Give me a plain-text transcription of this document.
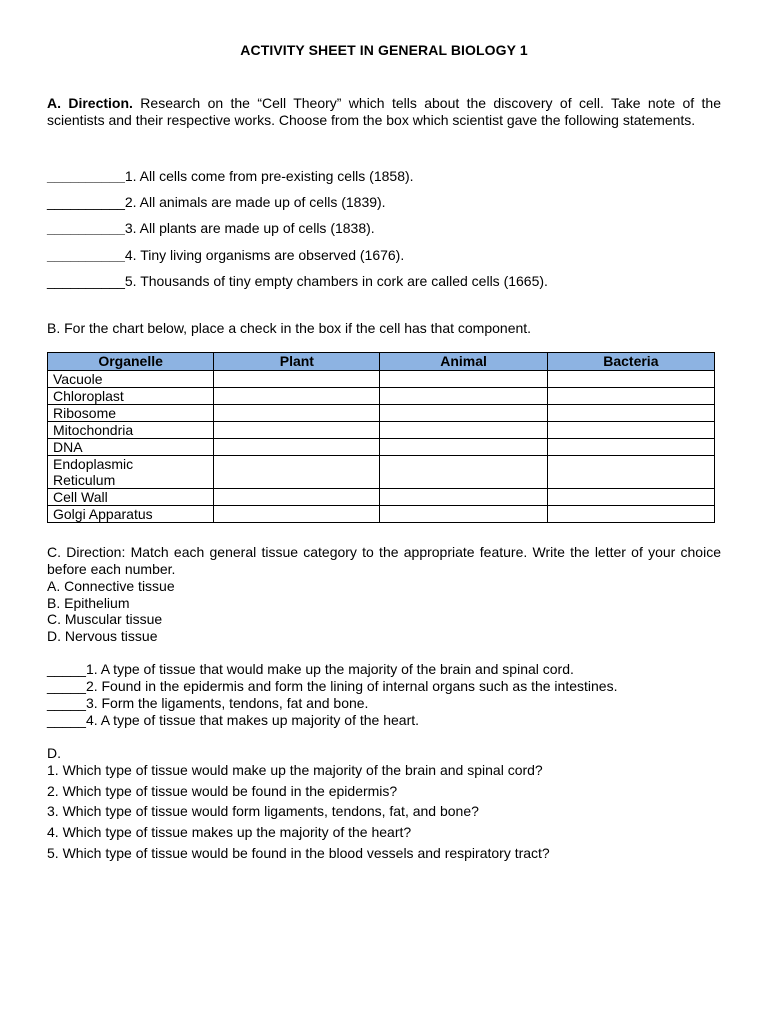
ACTIVITY SHEET IN GENERAL BIOLOGY 1
A. Direction. Research on the “Cell Theory” which tells about the discovery of cell. Take note of the scientists and their respective works. Choose from the box which scientist gave the following statements.
__________1. All cells come from pre-existing cells (1858).
__________2. All animals are made up of cells (1839).
__________3. All plants are made up of cells (1838).
__________4. Tiny living organisms are observed (1676).
__________5. Thousands of tiny empty chambers in cork are called cells (1665).
B. For the chart below, place a check in the box if the cell has that component.
Organelle	Plant	Animal	Bacteria
Vacuole			
Chloroplast			
Ribosome			
Mitochondria			
DNA			
Endoplasmic Reticulum			
Cell Wall			
Golgi Apparatus			
C. Direction: Match each general tissue category to the appropriate feature. Write the letter of your choice before each number.
A. Connective tissue
B. Epithelium
C. Muscular tissue
D. Nervous tissue
_____1. A type of tissue that would make up the majority of the brain and spinal cord.
_____2. Found in the epidermis and form the lining of internal organs such as the intestines.
_____3. Form the ligaments, tendons, fat and bone.
_____4. A type of tissue that makes up majority of the heart.
D.
1. Which type of tissue would make up the majority of the brain and spinal cord?
2. Which type of tissue would be found in the epidermis?
3. Which type of tissue would form ligaments, tendons, fat, and bone?
4. Which type of tissue makes up the majority of the heart?
5. Which type of tissue would be found in the blood vessels and respiratory tract?
